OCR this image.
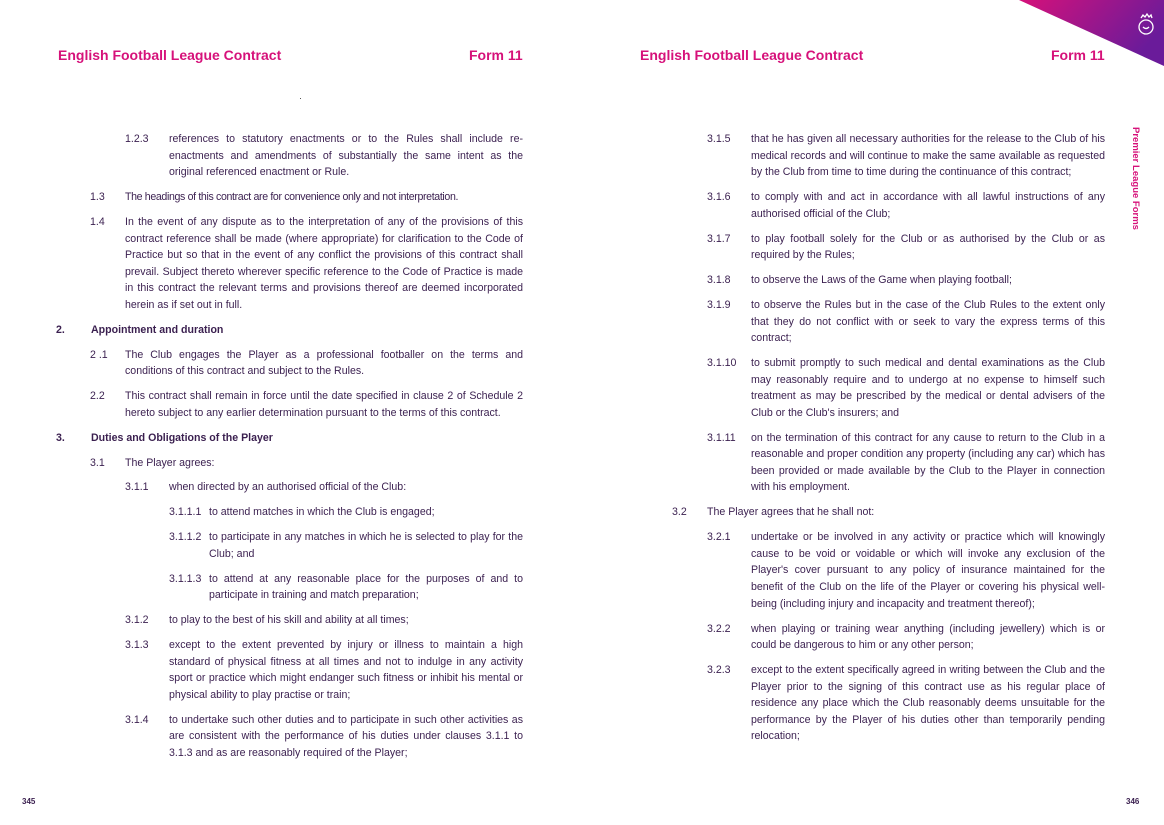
English Football League Contract	Form 11	English Football League Contract	Form 11
Premier League Forms
1.2.3	references to statutory enactments or to the Rules shall include re-enactments and amendments of substantially the same intent as the original referenced enactment or Rule.
1.3	The headings of this contract are for convenience only and not interpretation.
1.4	In the event of any dispute as to the interpretation of any of the provisions of this contract reference shall be made (where appropriate) for clarification to the Code of Practice but so that in the event of any conflict the provisions of this contract shall prevail. Subject thereto wherever specific reference to the Code of Practice is made in this contract the relevant terms and provisions thereof are deemed incorporated herein as if set out in full.
2.	Appointment and duration
2 .1	The Club engages the Player as a professional footballer on the terms and conditions of this contract and subject to the Rules.
2.2	This contract shall remain in force until the date specified in clause 2 of Schedule 2 hereto subject to any earlier determination pursuant to the terms of this contract.
3.	Duties and Obligations of the Player
3.1	The Player agrees:
3.1.1	when directed by an authorised official of the Club:
3.1.1.1 to attend matches in which the Club is engaged;
3.1.1.2 to participate in any matches in which he is selected to play for the Club; and
3.1.1.3 to attend at any reasonable place for the purposes of and to participate in training and match preparation;
3.1.2	to play to the best of his skill and ability at all times;
3.1.3	except to the extent prevented by injury or illness to maintain a high standard of physical fitness at all times and not to indulge in any activity sport or practice which might endanger such fitness or inhibit his mental or physical ability to play practise or train;
3.1.4	to undertake such other duties and to participate in such other activities as are consistent with the performance of his duties under clauses 3.1.1 to 3.1.3 and as are reasonably required of the Player;
3.1.5	that he has given all necessary authorities for the release to the Club of his medical records and will continue to make the same available as requested by the Club from time to time during the continuance of this contract;
3.1.6	to comply with and act in accordance with all lawful instructions of any authorised official of the Club;
3.1.7	to play football solely for the Club or as authorised by the Club or as required by the Rules;
3.1.8	to observe the Laws of the Game when playing football;
3.1.9	to observe the Rules but in the case of the Club Rules to the extent only that they do not conflict with or seek to vary the express terms of this contract;
3.1.10	to submit promptly to such medical and dental examinations as the Club may reasonably require and to undergo at no expense to himself such treatment as may be prescribed by the medical or dental advisers of the Club or the Club's insurers; and
3.1.11	on the termination of this contract for any cause to return to the Club in a reasonable and proper condition any property (including any car) which has been provided or made available by the Club to the Player in connection with his employment.
3.2	The Player agrees that he shall not:
3.2.1	undertake or be involved in any activity or practice which will knowingly cause to be void or voidable or which will invoke any exclusion of the Player's cover pursuant to any policy of insurance maintained for the benefit of the Club on the life of the Player or covering his physical well-being (including injury and incapacity and treatment thereof);
3.2.2	when playing or training wear anything (including jewellery) which is or could be dangerous to him or any other person;
3.2.3	except to the extent specifically agreed in writing between the Club and the Player prior to the signing of this contract use as his regular place of residence any place which the Club reasonably deems unsuitable for the performance by the Player of his duties other than temporarily pending relocation;
345	346
